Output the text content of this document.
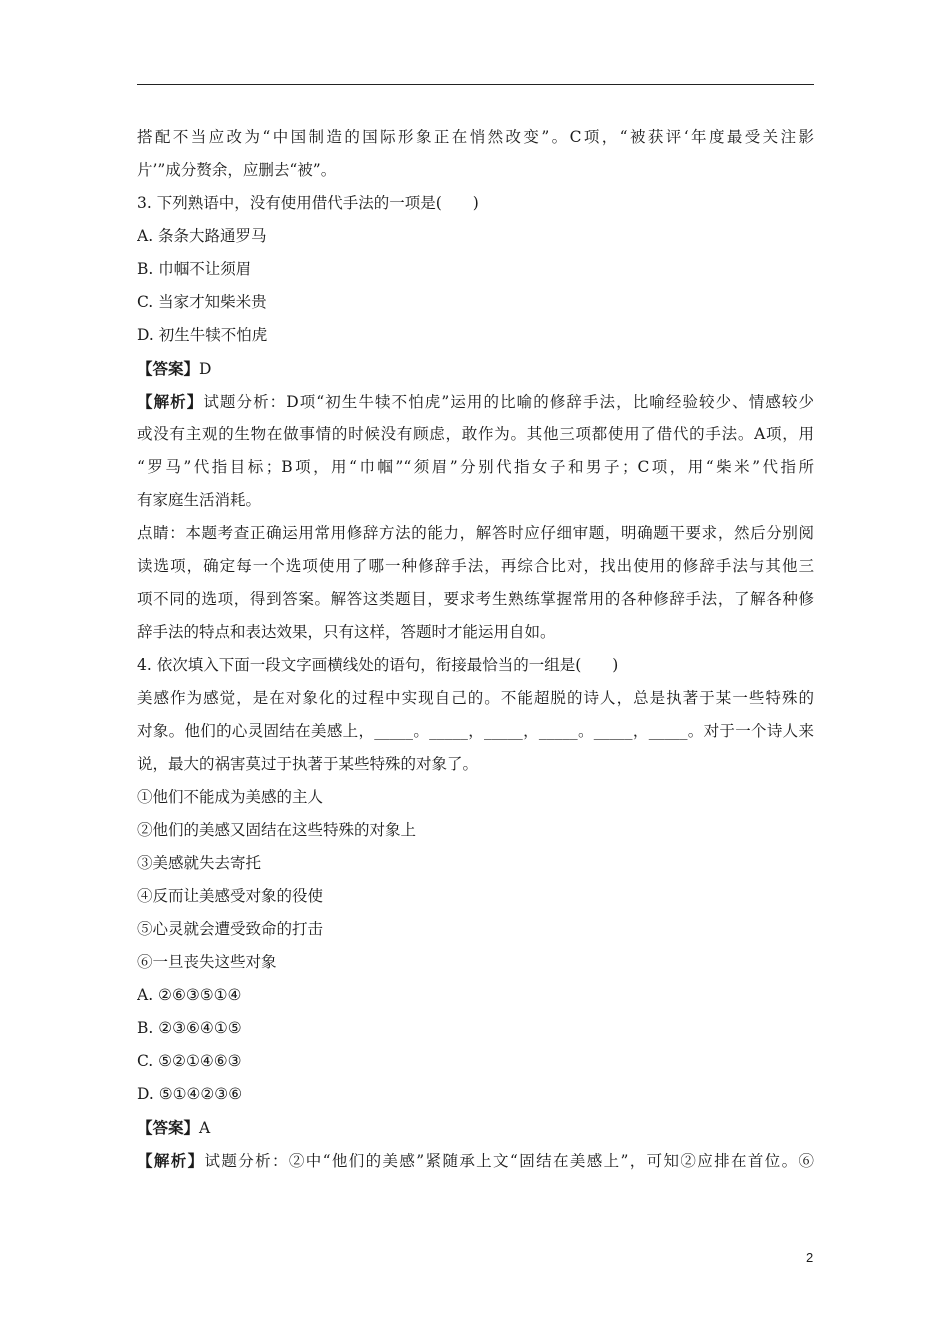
搭配不当应改为“中国制造的国际形象正在悄然改变”。C项，“被获评‘年度最受关注影
片’”成分赘余，应删去“被”。
3. 下列熟语中，没有使用借代手法的一项是(　　)
A. 条条大路通罗马
B. 巾帼不让须眉
C. 当家才知柴米贵
D. 初生牛犊不怕虎
【答案】D
【解析】试题分析：D项“初生牛犊不怕虎”运用的比喻的修辞手法，比喻经验较少、情感较少
或没有主观的生物在做事情的时候没有顾虑，敢作为。其他三项都使用了借代的手法。A项，用
“罗马”代指目标；B项，用“巾帼”“须眉”分别代指女子和男子；C项，用“柴米”代指所
有家庭生活消耗。
点睛：本题考查正确运用常用修辞方法的能力，解答时应仔细审题，明确题干要求，然后分别阅
读选项，确定每一个选项使用了哪一种修辞手法，再综合比对，找出使用的修辞手法与其他三
项不同的选项，得到答案。解答这类题目，要求考生熟练掌握常用的各种修辞手法，了解各种修
辞手法的特点和表达效果，只有这样，答题时才能运用自如。
4. 依次填入下面一段文字画横线处的语句，衔接最恰当的一组是(　　)
美感作为感觉，是在对象化的过程中实现自己的。不能超脱的诗人，总是执著于某一些特殊的
对象。他们的心灵固结在美感上，_____。_____，_____，_____。_____，_____。对于一个诗人来
说，最大的祸害莫过于执著于某些特殊的对象了。
①他们不能成为美感的主人
②他们的美感又固结在这些特殊的对象上
③美感就失去寄托
④反而让美感受对象的役使
⑤心灵就会遭受致命的打击
⑥一旦丧失这些对象
A. ②⑥③⑤①④
B. ②③⑥④①⑤
C. ⑤②①④⑥③
D. ⑤①④②③⑥
【答案】A
【解析】试题分析：②中“他们的美感”紧随承上文“固结在美感上”，可知②应排在首位。⑥
2
